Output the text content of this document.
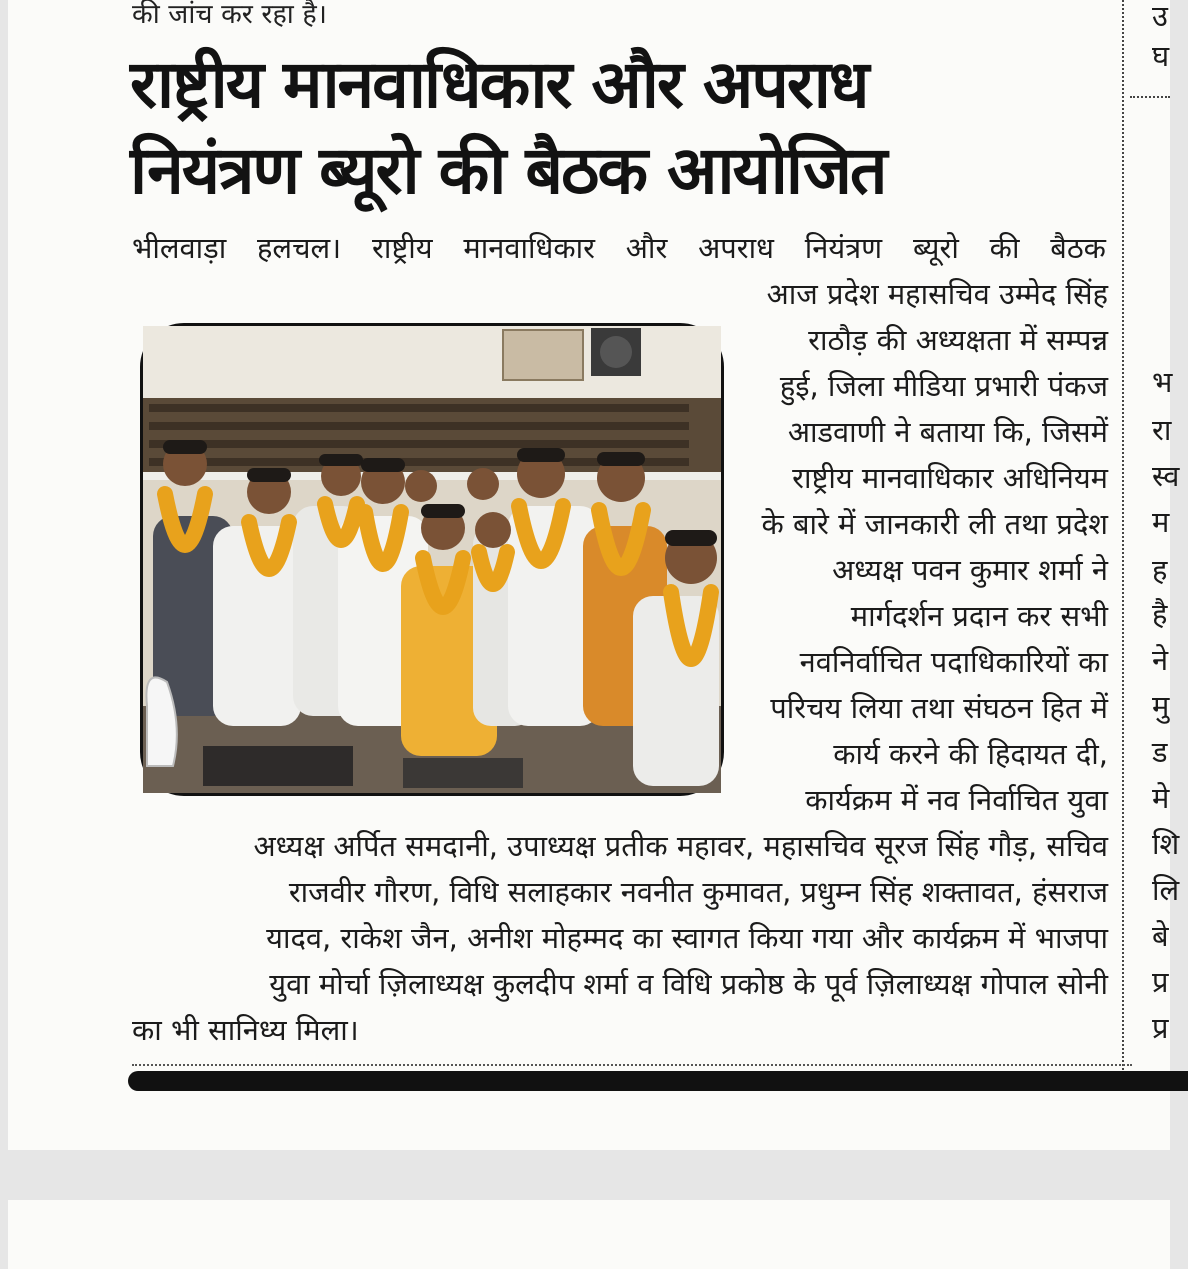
की जांच कर रहा है।
राष्ट्रीय मानवाधिकार और अपराध
नियंत्रण ब्यूरो की बैठक आयोजित
भीलवाड़ा हलचल। राष्ट्रीय मानवाधिकार और अपराध नियंत्रण ब्यूरो की बैठक
आज प्रदेश महासचिव उम्मेद सिंह
राठौड़ की अध्यक्षता में सम्पन्न
हुई, जिला मीडिया प्रभारी पंकज
आडवाणी ने बताया कि, जिसमें
राष्ट्रीय मानवाधिकार अधिनियम
के बारे में जानकारी ली तथा प्रदेश
अध्यक्ष पवन कुमार शर्मा ने
मार्गदर्शन प्रदान कर सभी
नवनिर्वाचित पदाधिकारियों का
परिचय लिया तथा संघठन हित में
कार्य करने की हिदायत दी,
कार्यक्रम में नव निर्वाचित युवा
अध्यक्ष अर्पित समदानी, उपाध्यक्ष प्रतीक महावर, महासचिव सूरज सिंह गौड़, सचिव
राजवीर गौरण, विधि सलाहकार नवनीत कुमावत, प्रधुम्न सिंह शक्तावत, हंसराज
यादव, राकेश जैन, अनीश मोहम्मद का स्वागत किया गया और कार्यक्रम में भाजपा
युवा मोर्चा ज़िलाध्यक्ष कुलदीप शर्मा व विधि प्रकोष्ठ के पूर्व ज़िलाध्यक्ष गोपाल सोनी
का भी सानिध्य मिला।
उ
घ
भ
रा
स्व
म
ह
है
ने
मु
ड
मे
शि
लि
बे
प्र
प्र
